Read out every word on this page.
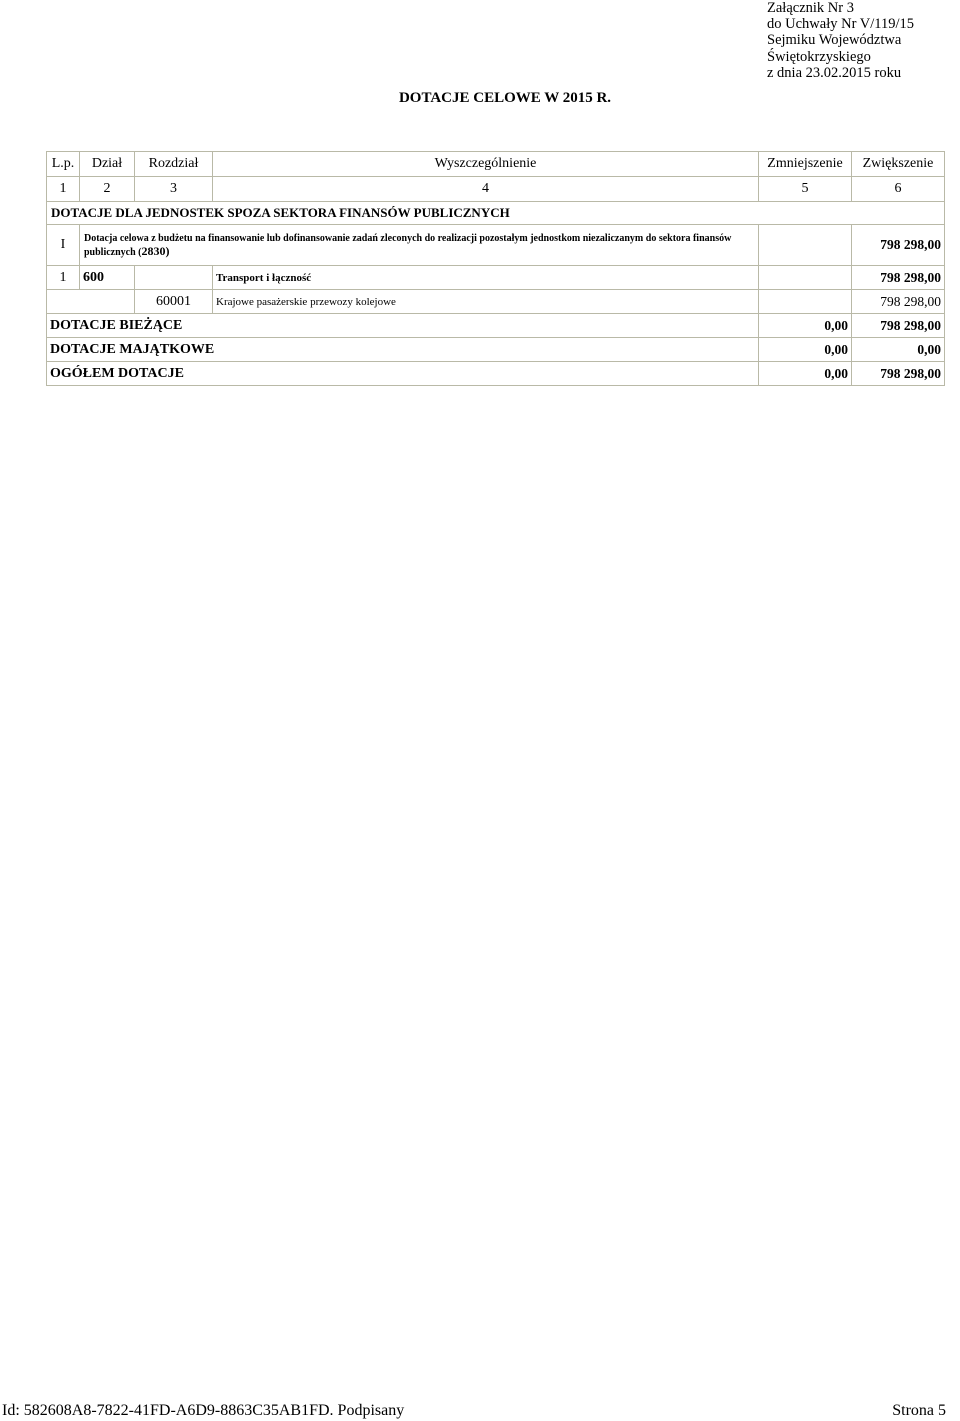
Załącznik Nr 3
do Uchwały Nr V/119/15
Sejmiku Województwa
Świętokrzyskiego
z dnia 23.02.2015 roku
DOTACJE CELOWE W 2015 R.
L.p.	Dział	Rozdział	Wyszczególnienie	Zmniejszenie	Zwiększenie
1	2	3	4	5	6
DOTACJE DLA JEDNOSTEK SPOZA SEKTORA FINANSÓW PUBLICZNYCH					
I	Dotacja celowa z budżetu na finansowanie lub dofinansowanie zadań zleconych do realizacji pozostałym jednostkom niezaliczanym do sektora finansów publicznych (2830)				798 298,00
1	600		Transport i łączność		798 298,00
		60001	Krajowe pasażerskie przewozy kolejowe		798 298,00
DOTACJE BIEŻĄCE				0,00	798 298,00
DOTACJE MAJĄTKOWE				0,00	0,00
OGÓŁEM DOTACJE				0,00	798 298,00
Id: 582608A8-7822-41FD-A6D9-8863C35AB1FD. Podpisany	Strona 5
